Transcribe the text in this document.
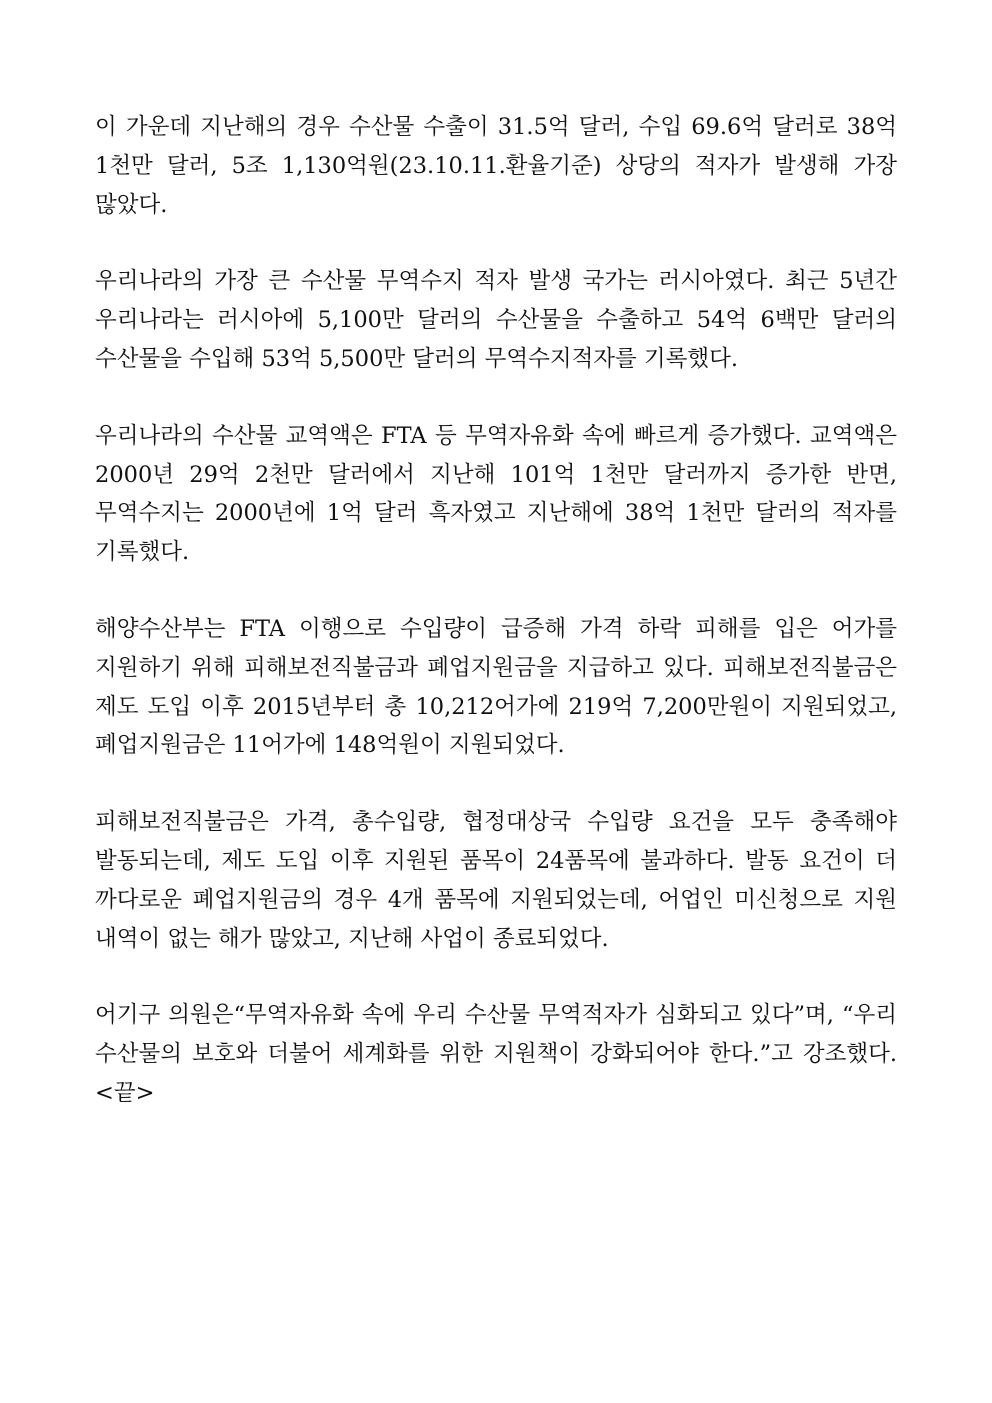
이 가운데 지난해의 경우 수산물 수출이 31.5억 달러, 수입 69.6억 달러로 38억 1천만 달러, 5조 1,130억원(23.10.11.환율기준) 상당의 적자가 발생해 가장 많았다.

우리나라의 가장 큰 수산물 무역수지 적자 발생 국가는 러시아였다. 최근 5년간 우리나라는 러시아에 5,100만 달러의 수산물을 수출하고 54억 6백만 달러의 수산물을 수입해 53억 5,500만 달러의 무역수지적자를 기록했다.

우리나라의 수산물 교역액은 FTA 등 무역자유화 속에 빠르게 증가했다. 교역액은 2000년 29억 2천만 달러에서 지난해 101억 1천만 달러까지 증가한 반면, 무역수지는 2000년에 1억 달러 흑자였고 지난해에 38억 1천만 달러의 적자를 기록했다.

해양수산부는 FTA 이행으로 수입량이 급증해 가격 하락 피해를 입은 어가를 지원하기 위해 피해보전직불금과 폐업지원금을 지급하고 있다. 피해보전직불금은 제도 도입 이후 2015년부터 총 10,212어가에 219억 7,200만원이 지원되었고, 폐업지원금은 11어가에 148억원이 지원되었다.

피해보전직불금은 가격, 총수입량, 협정대상국 수입량 요건을 모두 충족해야 발동되는데, 제도 도입 이후 지원된 품목이 24품목에 불과하다. 발동 요건이 더 까다로운 폐업지원금의 경우 4개 품목에 지원되었는데, 어업인 미신청으로 지원 내역이 없는 해가 많았고, 지난해 사업이 종료되었다.

어기구 의원은“무역자유화 속에 우리 수산물 무역적자가 심화되고 있다”며, “우리 수산물의 보호와 더불어 세계화를 위한 지원책이 강화되어야 한다.”고 강조했다. <끝>
